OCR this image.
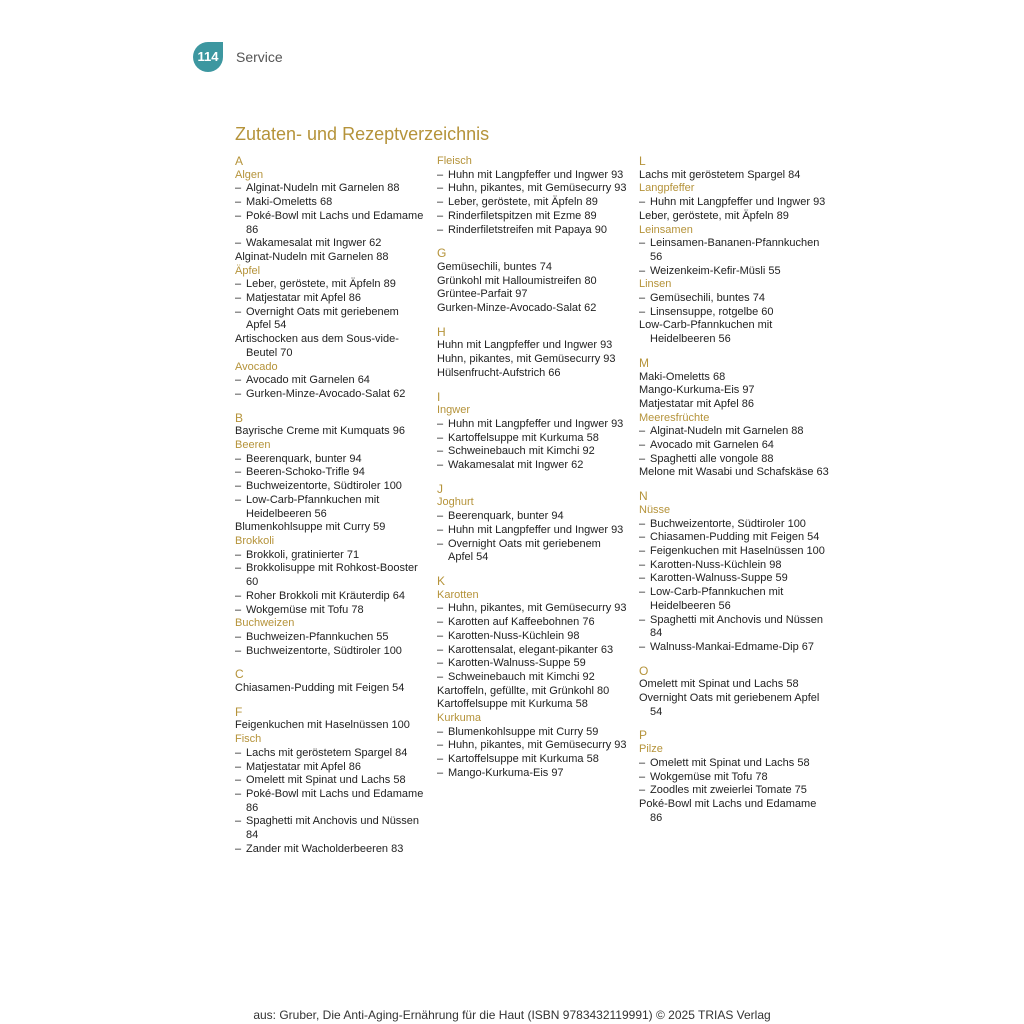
114	Service
Zutaten- und Rezeptverzeichnis
A
Algen
– Alginat-Nudeln mit Garnelen 88
– Maki-Omeletts 68
– Poké-Bowl mit Lachs und Edamame 86
– Wakamesalat mit Ingwer 62
Alginat-Nudeln mit Garnelen 88
Äpfel
– Leber, geröstete, mit Äpfeln 89
– Matjestatar mit Apfel 86
– Overnight Oats mit geriebenem Apfel 54
Artischocken aus dem Sous-vide-Beutel 70
Avocado
– Avocado mit Garnelen 64
– Gurken-Minze-Avocado-Salat 62
B
Bayrische Creme mit Kumquats 96
Beeren
– Beerenquark, bunter 94
– Beeren-Schoko-Trifle 94
– Buchweizentorte, Südtiroler 100
– Low-Carb-Pfannkuchen mit Heidelbeeren 56
Blumenkohlsuppe mit Curry 59
Brokkoli
– Brokkoli, gratinierter 71
– Brokkolisuppe mit Rohkost-Booster 60
– Roher Brokkoli mit Kräuterdip 64
– Wokgemüse mit Tofu 78
Buchweizen
– Buchweizen-Pfannkuchen 55
– Buchweizentorte, Südtiroler 100
C
Chiasamen-Pudding mit Feigen 54
F
Feigenkuchen mit Haselnüssen 100
Fisch
– Lachs mit geröstetem Spargel 84
– Matjestatar mit Apfel 86
– Omelett mit Spinat und Lachs 58
– Poké-Bowl mit Lachs und Edamame 86
– Spaghetti mit Anchovis und Nüssen 84
– Zander mit Wacholderbeeren 83
Fleisch
– Huhn mit Langpfeffer und Ingwer 93
– Huhn, pikantes, mit Gemüsecurry 93
– Leber, geröstete, mit Äpfeln 89
– Rinderfiletspitzen mit Ezme 89
– Rinderfiletstreifen mit Papaya 90
G
Gemüsechili, buntes 74
Grünkohl mit Halloumistreifen 80
Grüntee-Parfait 97
Gurken-Minze-Avocado-Salat 62
H
Huhn mit Langpfeffer und Ingwer 93
Huhn, pikantes, mit Gemüsecurry 93
Hülsenfrucht-Aufstrich 66
I
Ingwer
– Huhn mit Langpfeffer und Ingwer 93
– Kartoffelsuppe mit Kurkuma 58
– Schweinebauch mit Kimchi 92
– Wakamesalat mit Ingwer 62
J
Joghurt
– Beerenquark, bunter 94
– Huhn mit Langpfeffer und Ingwer 93
– Overnight Oats mit geriebenem Apfel 54
K
Karotten
– Huhn, pikantes, mit Gemüsecurry 93
– Karotten auf Kaffeebohnen 76
– Karotten-Nuss-Küchlein 98
– Karottensalat, elegant-pikanter 63
– Karotten-Walnuss-Suppe 59
– Schweinebauch mit Kimchi 92
Kartoffeln, gefüllte, mit Grünkohl 80
Kartoffelsuppe mit Kurkuma 58
Kurkuma
– Blumenkohlsuppe mit Curry 59
– Huhn, pikantes, mit Gemüsecurry 93
– Kartoffelsuppe mit Kurkuma 58
– Mango-Kurkuma-Eis 97
L
Lachs mit geröstetem Spargel 84
Langpfeffer
– Huhn mit Langpfeffer und Ingwer 93
Leber, geröstete, mit Äpfeln 89
Leinsamen
– Leinsamen-Bananen-Pfannkuchen 56
– Weizenkeim-Kefir-Müsli 55
Linsen
– Gemüsechili, buntes 74
– Linsensuppe, rotgelbe 60
Low-Carb-Pfannkuchen mit Heidelbeeren 56
M
Maki-Omeletts 68
Mango-Kurkuma-Eis 97
Matjestatar mit Apfel 86
Meeresfrüchte
– Alginat-Nudeln mit Garnelen 88
– Avocado mit Garnelen 64
– Spaghetti alle vongole 88
Melone mit Wasabi und Schafskäse 63
N
Nüsse
– Buchweizentorte, Südtiroler 100
– Chiasamen-Pudding mit Feigen 54
– Feigenkuchen mit Haselnüssen 100
– Karotten-Nuss-Küchlein 98
– Karotten-Walnuss-Suppe 59
– Low-Carb-Pfannkuchen mit Heidelbeeren 56
– Spaghetti mit Anchovis und Nüssen 84
– Walnuss-Mankai-Edmame-Dip 67
O
Omelett mit Spinat und Lachs 58
Overnight Oats mit geriebenem Apfel 54
P
Pilze
– Omelett mit Spinat und Lachs 58
– Wokgemüse mit Tofu 78
– Zoodles mit zweierlei Tomate 75
Poké-Bowl mit Lachs und Edamame 86
aus: Gruber, Die Anti-Aging-Ernährung für die Haut (ISBN 9783432119991) © 2025 TRIAS Verlag
